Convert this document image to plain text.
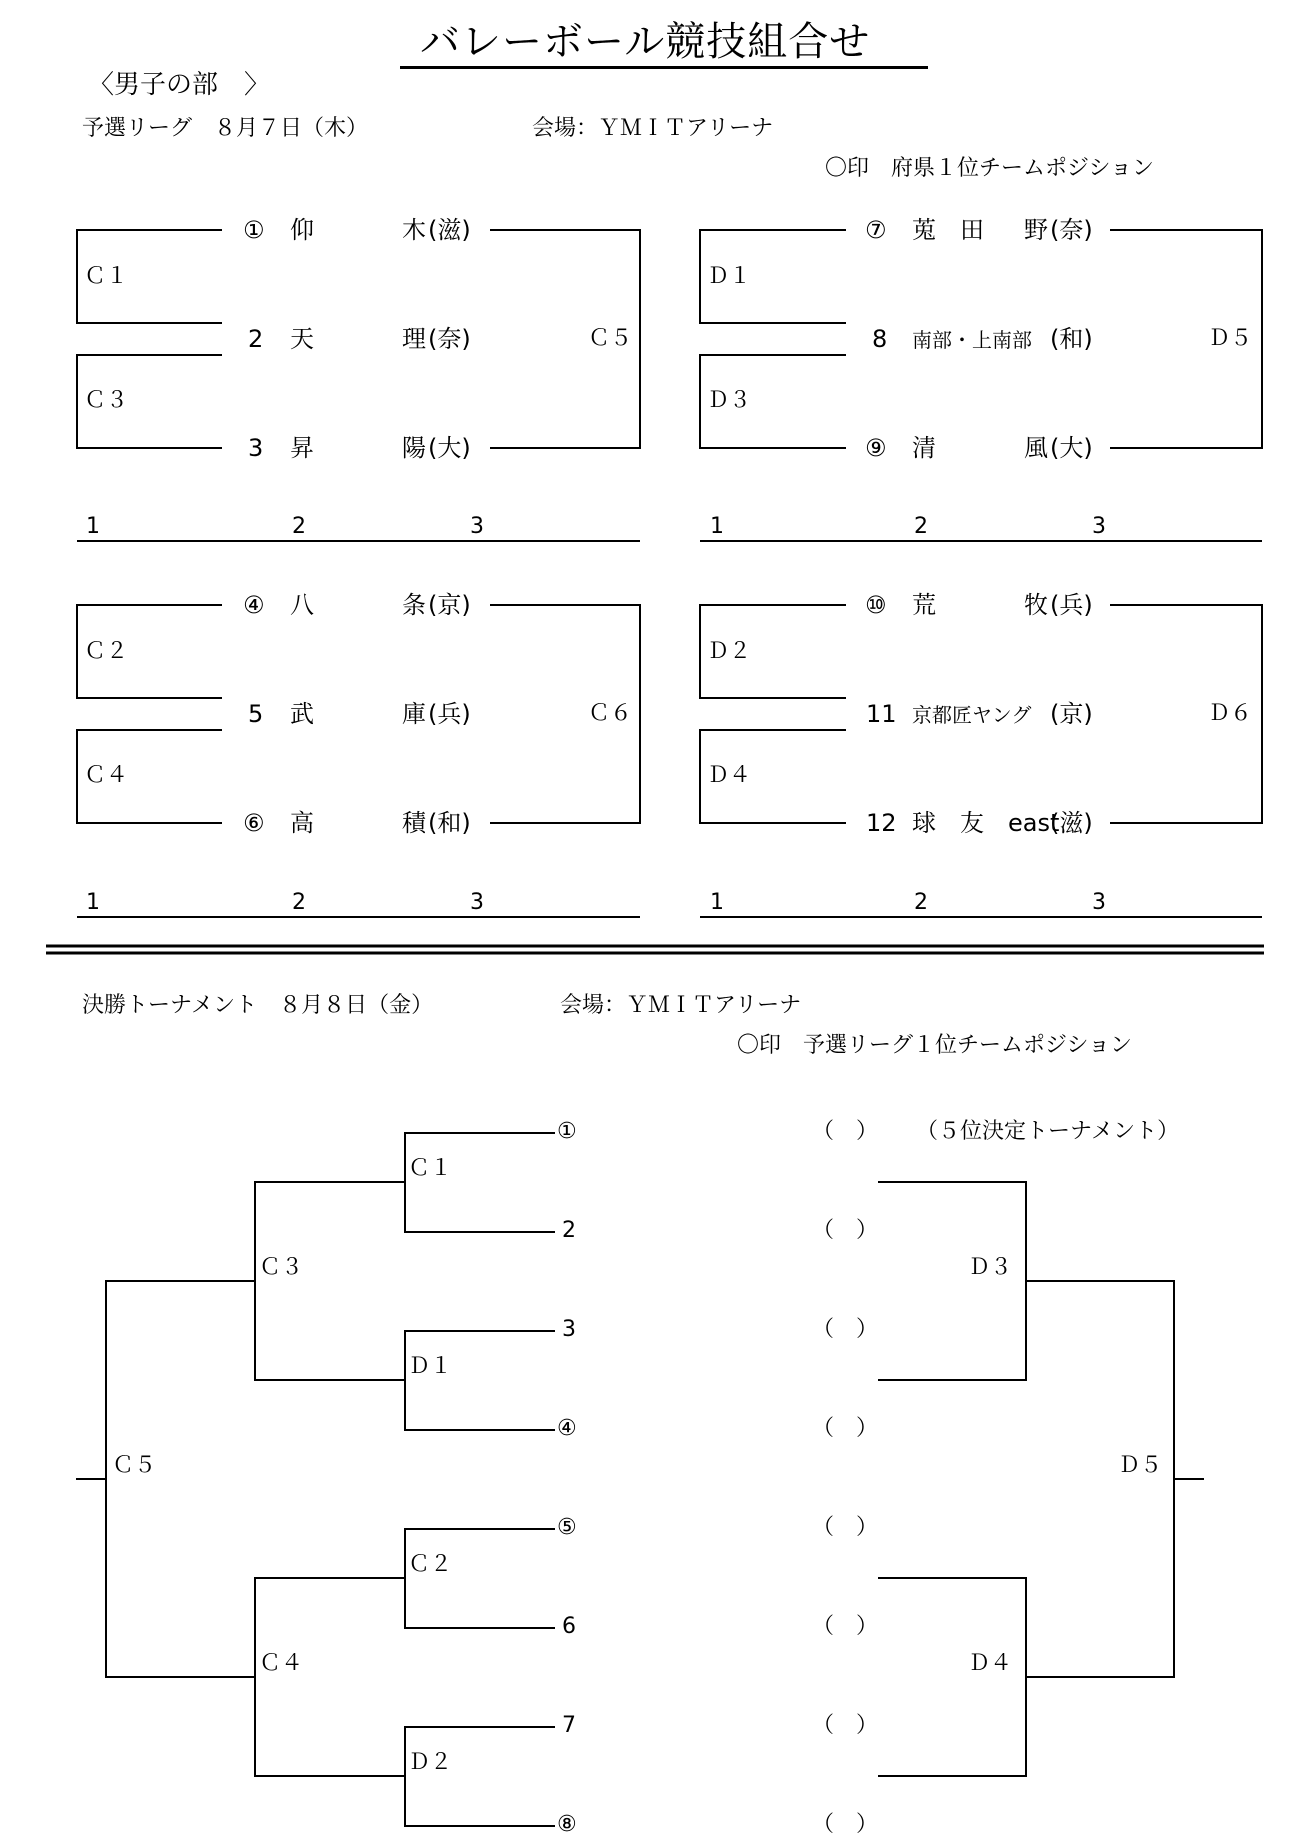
バレーボール競技組合せ
〈男子の部　〉
予選リーグ　８月７日（木）	会場：ＹＭＩＴアリーナ
〇印　府県１位チームポジション
① 仰	木 (滋)
2 天	理 (奈)
3 昇	陽 (大)
Ｃ１
Ｃ３
Ｃ５
1	2	3
⑦ 莵　田 野 (奈)
8 南部・上南部 (和)
⑨ 清	風 (大)
Ｄ１
Ｄ３
Ｄ５
1	2	3
④ 八	条 (京)
5 武	庫 (兵)
⑥ 高	積 (和)
Ｃ２
Ｃ４
Ｃ６
1	2	3
⑩ 荒	牧 (兵)
11 京都匠ヤング (京)
12 球　友　east
(滋)
Ｄ２
Ｄ４
Ｄ６
1	2	3
決勝トーナメント　８月８日（金）	会場：ＹＭＩＴアリーナ
〇印　予選リーグ１位チームポジション
①
2
3
④
⑤
6
7
⑧
（　）
（　）
（　）
（　）
（　）
（　）
（　）
（　）
（５位決定トーナメント）
Ｃ１
Ｄ１
Ｃ２
Ｄ２
Ｃ３
Ｃ４
Ｃ５
Ｄ３
Ｄ４
Ｄ５
